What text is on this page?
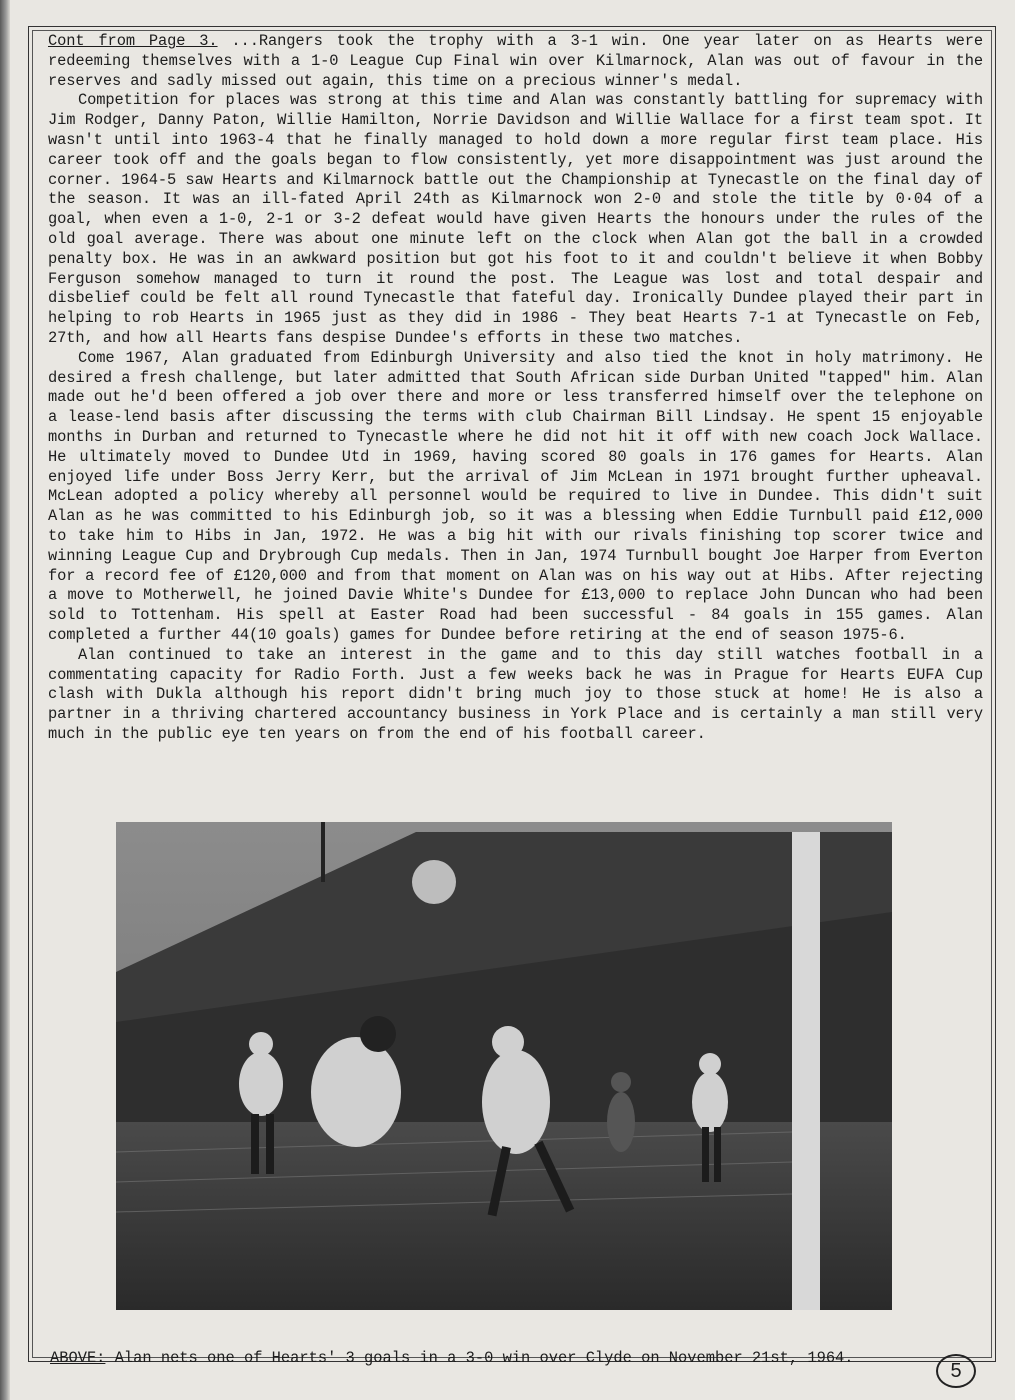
Cont from Page 3. ...Rangers took the trophy with a 3-1 win. One year later on as Hearts were redeeming themselves with a 1-0 League Cup Final win over Kilmarnock, Alan was out of favour in the reserves and sadly missed out again, this time on a precious winner's medal.

Competition for places was strong at this time and Alan was constantly battling for supremacy with Jim Rodger, Danny Paton, Willie Hamilton, Norrie Davidson and Willie Wallace for a first team spot. It wasn't until into 1963-4 that he finally managed to hold down a more regular first team place. His career took off and the goals began to flow consistently, yet more disappointment was just around the corner. 1964-5 saw Hearts and Kilmarnock battle out the Championship at Tynecastle on the final day of the season. It was an ill-fated April 24th as Kilmarnock won 2-0 and stole the title by 0·04 of a goal, when even a 1-0, 2-1 or 3-2 defeat would have given Hearts the honours under the rules of the old goal average. There was about one minute left on the clock when Alan got the ball in a crowded penalty box. He was in an awkward position but got his foot to it and couldn't believe it when Bobby Ferguson somehow managed to turn it round the post. The League was lost and total despair and disbelief could be felt all round Tynecastle that fateful day. Ironically Dundee played their part in helping to rob Hearts in 1965 just as they did in 1986 - They beat Hearts 7-1 at Tynecastle on Feb, 27th, and how all Hearts fans despise Dundee's efforts in these two matches.

Come 1967, Alan graduated from Edinburgh University and also tied the knot in holy matrimony. He desired a fresh challenge, but later admitted that South African side Durban United "tapped" him. Alan made out he'd been offered a job over there and more or less transferred himself over the telephone on a lease-lend basis after discussing the terms with club Chairman Bill Lindsay. He spent 15 enjoyable months in Durban and returned to Tynecastle where he did not hit it off with new coach Jock Wallace. He ultimately moved to Dundee Utd in 1969, having scored 80 goals in 176 games for Hearts. Alan enjoyed life under Boss Jerry Kerr, but the arrival of Jim McLean in 1971 brought further upheaval. McLean adopted a policy whereby all personnel would be required to live in Dundee. This didn't suit Alan as he was committed to his Edinburgh job, so it was a blessing when Eddie Turnbull paid £12,000 to take him to Hibs in Jan, 1972. He was a big hit with our rivals finishing top scorer twice and winning League Cup and Drybrough Cup medals. Then in Jan, 1974 Turnbull bought Joe Harper from Everton for a record fee of £120,000 and from that moment on Alan was on his way out at Hibs. After rejecting a move to Motherwell, he joined Davie White's Dundee for £13,000 to replace John Duncan who had been sold to Tottenham. His spell at Easter Road had been successful - 84 goals in 155 games. Alan completed a further 44(10 goals) games for Dundee before retiring at the end of season 1975-6.

Alan continued to take an interest in the game and to this day still watches football in a commentating capacity for Radio Forth. Just a few weeks back he was in Prague for Hearts EUFA Cup clash with Dukla although his report didn't bring much joy to those stuck at home! He is also a partner in a thriving chartered accountancy business in York Place and is certainly a man still very much in the public eye ten years on from the end of his football career.

ABOVE: Alan nets one of Hearts' 3 goals in a 3-0 win over Clyde on November 21st, 1964.
5
